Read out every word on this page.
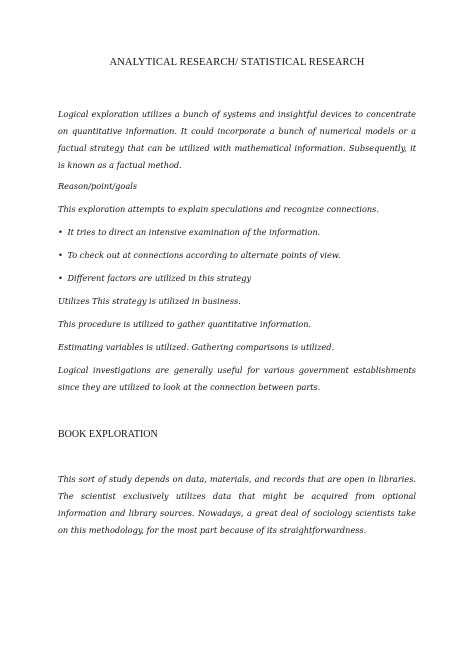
ANALYTICAL RESEARCH/ STATISTICAL RESEARCH

Logical exploration utilizes a bunch of systems and insightful devices to concentrate on quantitative information. It could incorporate a bunch of numerical models or a factual strategy that can be utilized with mathematical information. Subsequently, it is known as a factual method.

Reason/point/goals

This exploration attempts to explain speculations and recognize connections.

• It tries to direct an intensive examination of the information.

• To check out at connections according to alternate points of view.

• Different factors are utilized in this strategy

Utilizes This strategy is utilized in business.

This procedure is utilized to gather quantitative information.

Estimating variables is utilized. Gathering comparisons is utilized.

Logical investigations are generally useful for various government establishments since they are utilized to look at the connection between parts.

BOOK EXPLORATION

This sort of study depends on data, materials, and records that are open in libraries. The scientist exclusively utilizes data that might be acquired from optional information and library sources. Nowadays, a great deal of sociology scientists take on this methodology, for the most part because of its straightforwardness.
